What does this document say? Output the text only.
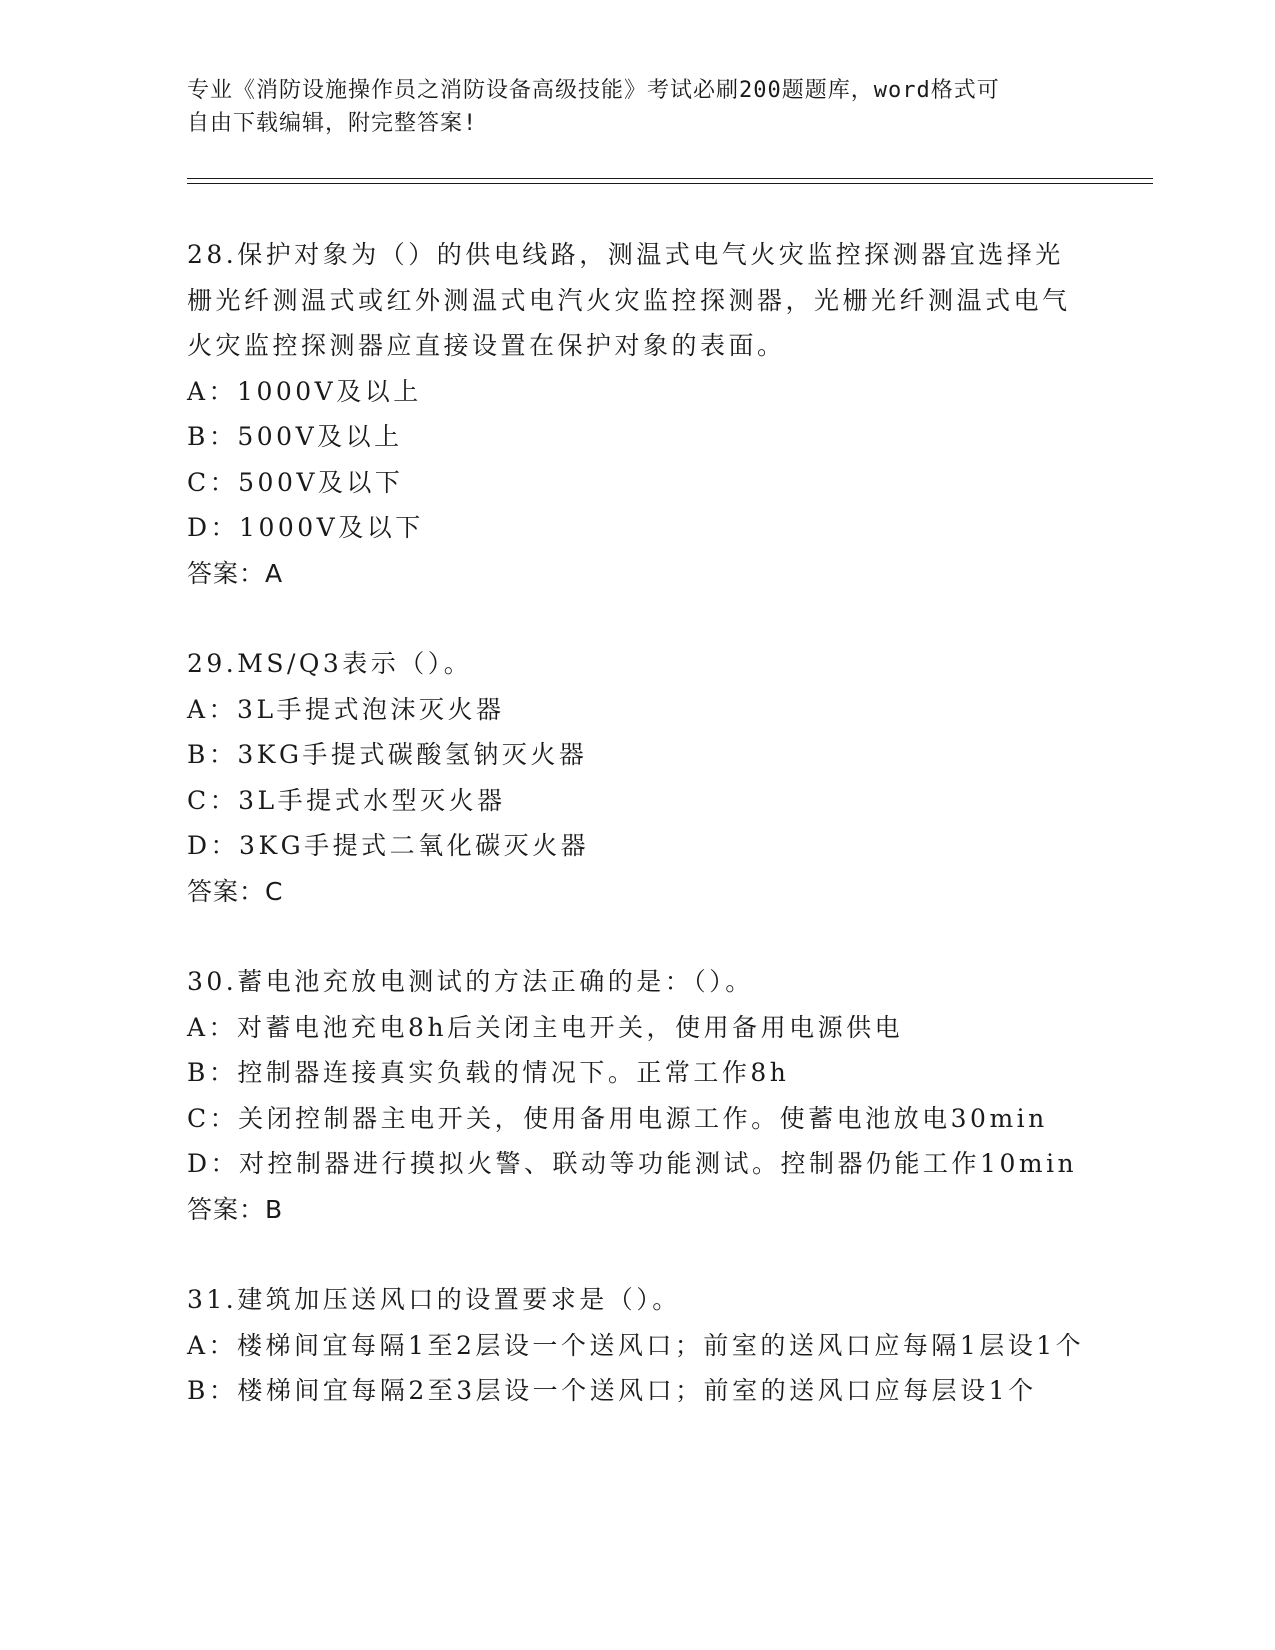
专业《消防设施操作员之消防设备高级技能》考试必刷200题题库，word格式可
自由下载编辑，附完整答案!

28.保护对象为（）的供电线路，测温式电气火灾监控探测器宜选择光栅光纤测温式或红外测温式电汽火灾监控探测器，光栅光纤测温式电气火灾监控探测器应直接设置在保护对象的表面。

A：1000V及以上

B：500V及以上

C：500V及以下

D：1000V及以下

答案：A

29.MS/Q3表示（）。

A：3L手提式泡沫灭火器

B：3KG手提式碳酸氢钠灭火器

C：3L手提式水型灭火器

D：3KG手提式二氧化碳灭火器

答案：C

30.蓄电池充放电测试的方法正确的是：（）。

A：对蓄电池充电8h后关闭主电开关，使用备用电源供电

B：控制器连接真实负载的情况下。正常工作8h

C：关闭控制器主电开关，使用备用电源工作。使蓄电池放电30min

D：对控制器进行摸拟火警、联动等功能测试。控制器仍能工作10min

答案：B

31.建筑加压送风口的设置要求是（）。

A：楼梯间宜每隔1至2层设一个送风口；前室的送风口应每隔1层设1个

B：楼梯间宜每隔2至3层设一个送风口；前室的送风口应每层设1个
